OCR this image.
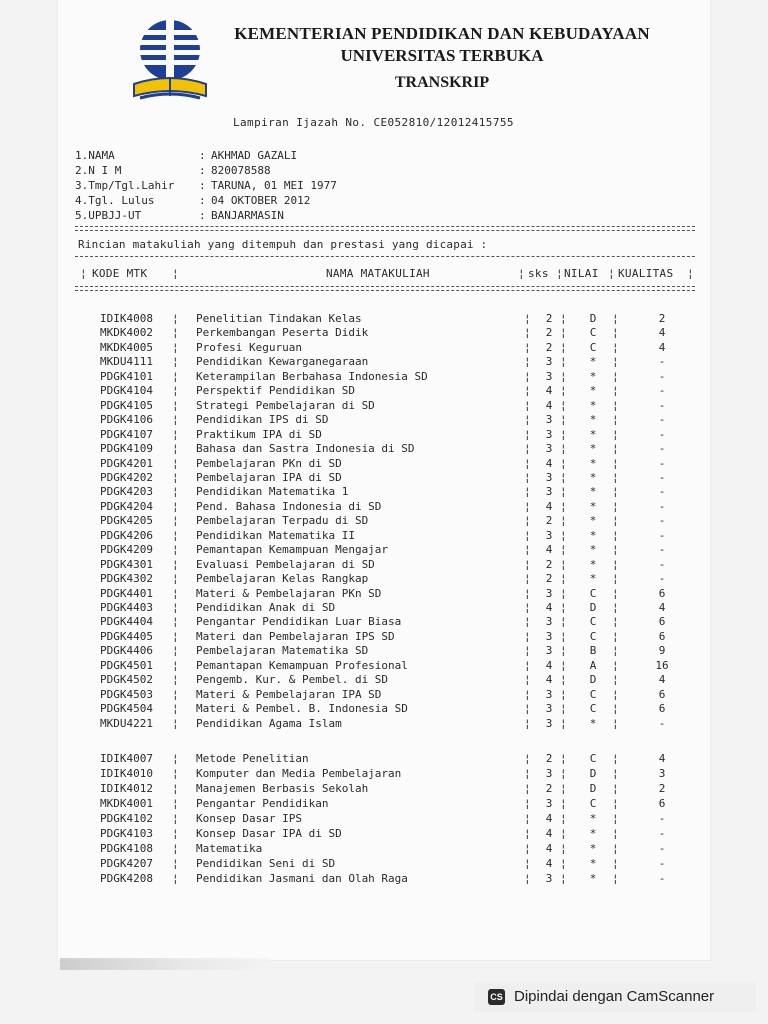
KEMENTERIAN PENDIDIKAN DAN KEBUDAYAAN
UNIVERSITAS TERBUKA
TRANSKRIP
Lampiran Ijazah No. CE052810/12012415755
1.NAMA	: AKHMAD GAZALI
2.N I M	: 820078588
3.Tmp/Tgl.Lahir : TARUNA, 01 MEI 1977
4.Tgl. Lulus	: 04 OKTOBER 2012
5.UPBJJ-UT	: BANJARMASIN
Rincian matakuliah yang ditempuh dan prestasi yang dicapai :
¦ KODE MTK ¦	NAMA MATAKULIAH	¦ sks ¦ NILAI ¦ KUALITAS ¦
IDIK4008	¦ Penelitian Tindakan Kelas	¦ 2 ¦	D	¦	2
MKDK4002	¦ Perkembangan Peserta Didik	¦ 2 ¦	C	¦	4
MKDK4005	¦ Profesi Keguruan	¦ 2 ¦	C	¦	4
MKDU4111	¦ Pendidikan Kewarganegaraan	¦ 3 ¦	*	¦	-
PDGK4101	¦ Keterampilan Berbahasa Indonesia SD	¦ 3 ¦	*	¦	-
PDGK4104	¦ Perspektif Pendidikan SD	¦ 4 ¦	*	¦	-
PDGK4105	¦ Strategi Pembelajaran di SD	¦ 4 ¦	*	¦	-
PDGK4106	¦ Pendidikan IPS di SD	¦ 3 ¦	*	¦	-
PDGK4107	¦ Praktikum IPA di SD	¦ 3 ¦	*	¦	-
PDGK4109	¦ Bahasa dan Sastra Indonesia di SD	¦ 3 ¦	*	¦	-
PDGK4201	¦ Pembelajaran PKn di SD	¦ 4 ¦	*	¦	-
PDGK4202	¦ Pembelajaran IPA di SD	¦ 3 ¦	*	¦	-
PDGK4203	¦ Pendidikan Matematika 1	¦ 3 ¦	*	¦	-
PDGK4204	¦ Pend. Bahasa Indonesia di SD	¦ 4 ¦	*	¦	-
PDGK4205	¦ Pembelajaran Terpadu di SD	¦ 2 ¦	*	¦	-
PDGK4206	¦ Pendidikan Matematika II	¦ 3 ¦	*	¦	-
PDGK4209	¦ Pemantapan Kemampuan Mengajar	¦ 4 ¦	*	¦	-
PDGK4301	¦ Evaluasi Pembelajaran di SD	¦ 2 ¦	*	¦	-
PDGK4302	¦ Pembelajaran Kelas Rangkap	¦ 2 ¦	*	¦	-
PDGK4401	¦ Materi & Pembelajaran PKn SD	¦ 3 ¦	C	¦	6
PDGK4403	¦ Pendidikan Anak di SD	¦ 4 ¦	D	¦	4
PDGK4404	¦ Pengantar Pendidikan Luar Biasa	¦ 3 ¦	C	¦	6
PDGK4405	¦ Materi dan Pembelajaran IPS SD	¦ 3 ¦	C	¦	6
PDGK4406	¦ Pembelajaran Matematika SD	¦ 3 ¦	B	¦	9
PDGK4501	¦ Pemantapan Kemampuan Profesional	¦ 4 ¦	A	¦	16
PDGK4502	¦ Pengemb. Kur. & Pembel. di SD	¦ 4 ¦	D	¦	4
PDGK4503	¦ Materi & Pembelajaran IPA SD	¦ 3 ¦	C	¦	6
PDGK4504	¦ Materi & Pembel. B. Indonesia SD	¦ 3 ¦	C	¦	6
MKDU4221	¦ Pendidikan Agama Islam	¦ 3 ¦	*	¦	-
IDIK4007	¦ Metode Penelitian	¦ 2 ¦	C	¦	4
IDIK4010	¦ Komputer dan Media Pembelajaran	¦ 3 ¦	D	¦	3
IDIK4012	¦ Manajemen Berbasis Sekolah	¦ 2 ¦	D	¦	2
MKDK4001	¦ Pengantar Pendidikan	¦ 3 ¦	C	¦	6
PDGK4102	¦ Konsep Dasar IPS	¦ 4 ¦	*	¦	-
PDGK4103	¦ Konsep Dasar IPA di SD	¦ 4 ¦	*	¦	-
PDGK4108	¦ Matematika	¦ 4 ¦	*	¦	-
PDGK4207	¦ Pendidikan Seni di SD	¦ 4 ¦	*	¦	-
PDGK4208	¦ Pendidikan Jasmani dan Olah Raga	¦ 3 ¦	*	¦	-
CS Dipindai dengan CamScanner
